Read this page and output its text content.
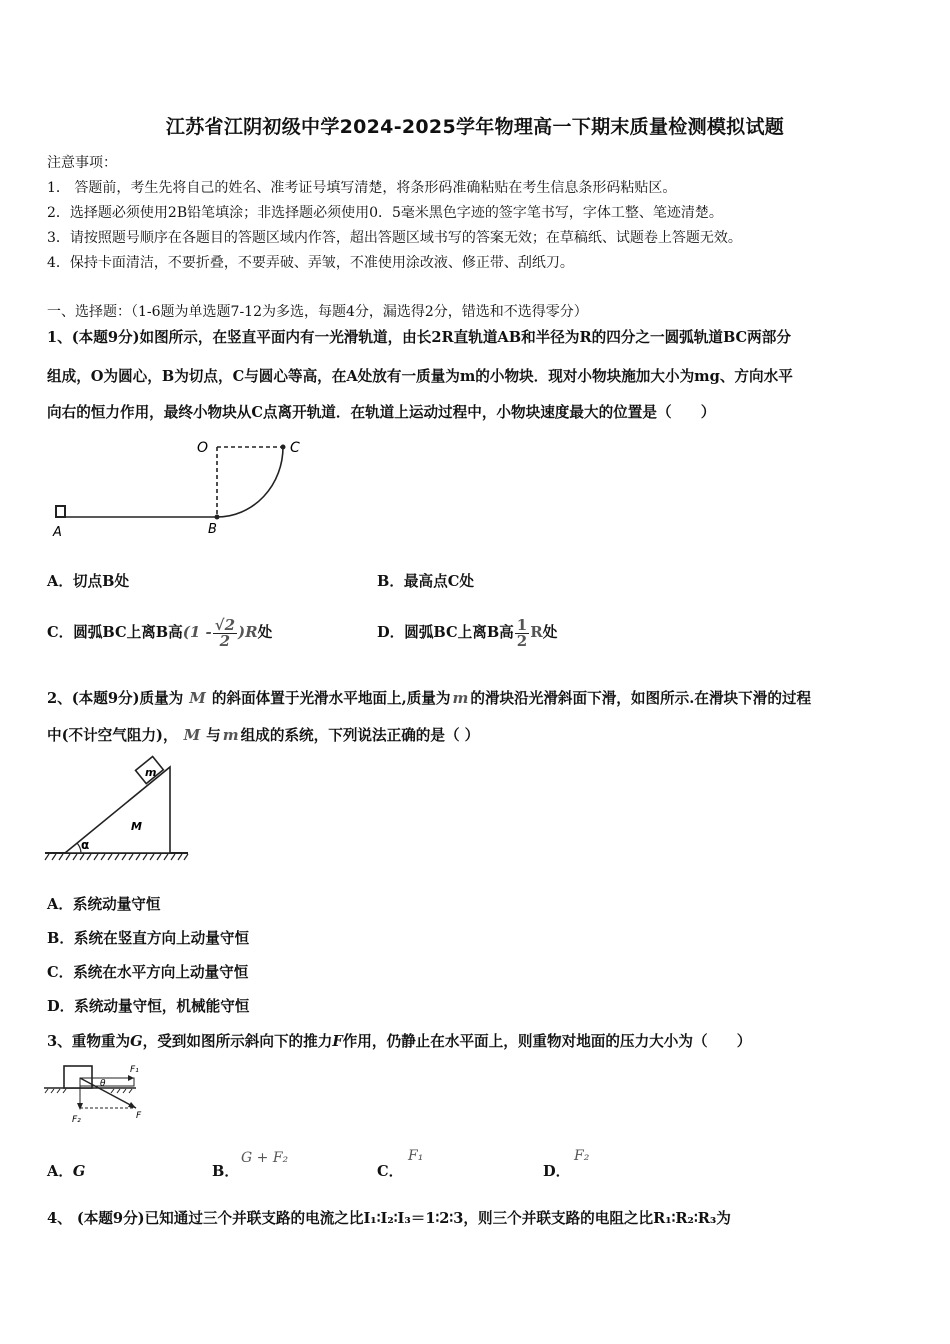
江苏省江阴初级中学2024-2025学年物理高一下期末质量检测模拟试题
注意事项：
1． 答题前，考生先将自己的姓名、准考证号填写清楚，将条形码准确粘贴在考生信息条形码粘贴区。
2．选择题必须使用2B铅笔填涂；非选择题必须使用0．5毫米黑色字迹的签字笔书写，字体工整、笔迹清楚。
3．请按照题号顺序在各题目的答题区域内作答，超出答题区域书写的答案无效；在草稿纸、试题卷上答题无效。
4．保持卡面清洁，不要折叠，不要弄破、弄皱，不准使用涂改液、修正带、刮纸刀。
一、选择题：（1-6题为单选题7-12为多选，每题4分，漏选得2分，错选和不选得零分）
1、(本题9分)如图所示，在竖直平面内有一光滑轨道，由长2R直轨道AB和半径为R的四分之一圆弧轨道BC两部分
组成，O为圆心，B为切点，C与圆心等高，在A处放有一质量为m的小物块．现对小物块施加大小为mg、方向水平
向右的恒力作用，最终小物块从C点离开轨道．在轨道上运动过程中，小物块速度最大的位置是（　　）
O	C
A	B
A．切点B处	B．最高点C处
C．圆弧BC上离B高$(1 - \frac{√2}{2} )R$处	D．圆弧BC上离B高 $\frac{1}{2}$ R处
2、(本题9分)质量为 M 的斜面体置于光滑水平地面上,质量为 m 的滑块沿光滑斜面下滑，如图所示.在滑块下滑的过程
中(不计空气阻力)， M 与 m 组成的系统，下列说法正确的是（ ）
m
M
α
A．系统动量守恒
B．系统在竖直方向上动量守恒
C．系统在水平方向上动量守恒
D．系统动量守恒，机械能守恒
3、重物重为G，受到如图所示斜向下的推力F作用，仍静止在水平面上，则重物对地面的压力大小为（　　）
F₁
θ
F₂	F
A．G	B．
G + F₂
C．
F₁
D．
F₂
4、 (本题9分)已知通过三个并联支路的电流之比I₁∶I₂∶I₃＝1∶2∶3，则三个并联支路的电阻之比R₁∶R₂∶R₃为
